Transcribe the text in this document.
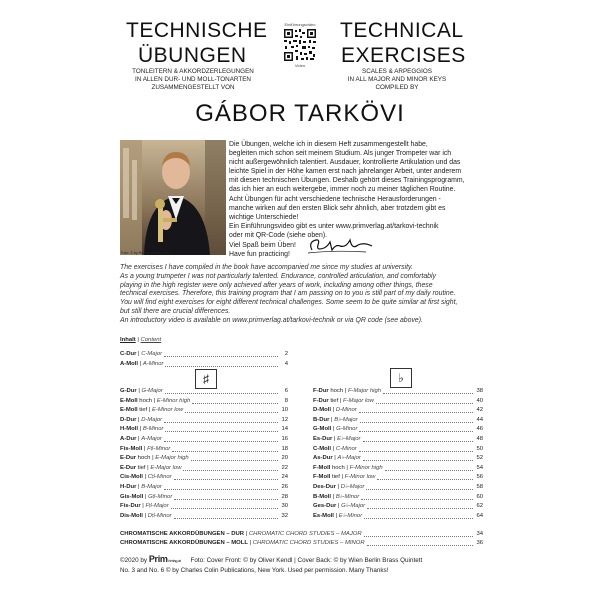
TECHNISCHE
ÜBUNGEN
TONLEITERN & AKKORDZERLEGUNGEN
IN ALLEN DUR- UND MOLL-TONARTEN
ZUSAMMENGESTELLT VON
Einführungsvideo
Video
TECHNICAL
EXERCISES
SCALES & ARPEGGIOS
IN ALL MAJOR AND MINOR KEYS
COMPILED BY
GÁBOR TARKÖVI
Foto: © by Roman Boczkowski
Die Übungen, welche ich in diesem Heft zusammengestellt habe,
begleiten mich schon seit meinem Studium. Als junger Trompeter war ich
nicht außergewöhnlich talentiert. Ausdauer, kontrollierte Artikulation und das
leichte Spiel in der Höhe kamen erst nach jahrelanger Arbeit, unter anderem
mit diesen technischen Übungen. Deshalb gehört dieses Trainingsprogramm,
das ich hier an euch weitergebe, immer noch zu meiner täglichen Routine.
Acht Übungen für acht verschiedene technische Herausforderungen -
manche wirken auf den ersten Blick sehr ähnlich, aber trotzdem gibt es
wichtige Unterschiede!
Ein Einführungsvideo gibt es unter www.primverlag.at/tarkovi-technik
oder mit QR-Code (siehe oben).
Viel Spaß beim Üben!
Have fun practicing!
The exercises I have compiled in the book have accompanied me since my studies at university.
As a young trumpeter I was not particularly talented. Endurance, controlled articulation, and comfortably
playing in the high register were only achieved after years of work, including among other things, these
technical exercises. Therefore, this training program that I am passing on to you is still part of my daily routine.
You will find eight exercises for eight different technical challenges. Some seem to be quite similar at first sight,
but still there are crucial differences.
An introductory video is available on www.primverlag.at/tarkovi-technik or via QR code (see above).
Inhalt | Content
C-Dur | C-Major	2
A-Moll | A-Minor	4
♯	♭
G-Dur | G-Major	6
E-Moll hoch | E-Minor high	8
E-Moll tief | E-Minor low	10
D-Dur | D-Major	12
H-Moll | B-Minor	14
A-Dur | A-Major	16
Fis-Moll | F♯-Minor	18
E-Dur hoch | E-Major high	20
E-Dur tief | E-Major low	22
Cis-Moll | C♯-Minor	24
H-Dur | B-Major	26
Gis-Moll | G♯-Minor	28
Fis-Dur | F♯-Major	30
Dis-Moll | D♯-Minor	32
F-Dur hoch | F-Major high	38
F-Dur tief | F-Major low	40
D-Moll | D-Minor	42
B-Dur | B♭-Major	44
G-Moll | G-Minor	46
Es-Dur | E♭-Major	48
C-Moll | C-Minor	50
As-Dur | A♭-Major	52
F-Moll hoch | F-Minor high	54
F-Moll tief | F-Minor low	56
Des-Dur | D♭-Major	58
B-Moll | B♭-Minor	60
Ges-Dur | G♭-Major	62
Es-Moll | E♭-Minor	64
CHROMATISCHE AKKORDÜBUNGEN – DUR | CHROMATIC CHORD STUDIES – MAJOR	34
CHROMATISCHE AKKORDÜBUNGEN – MOLL | CHROMATIC CHORD STUDIES – MINOR	36
©2020 by PrimVerlag.at Foto: Cover Front: © by Oliver Kendl | Cover Back: © by Wien Berlin Brass Quintett
No. 3 and No. 6 © by Charles Colin Publications, New York. Used per permission. Many Thanks!
